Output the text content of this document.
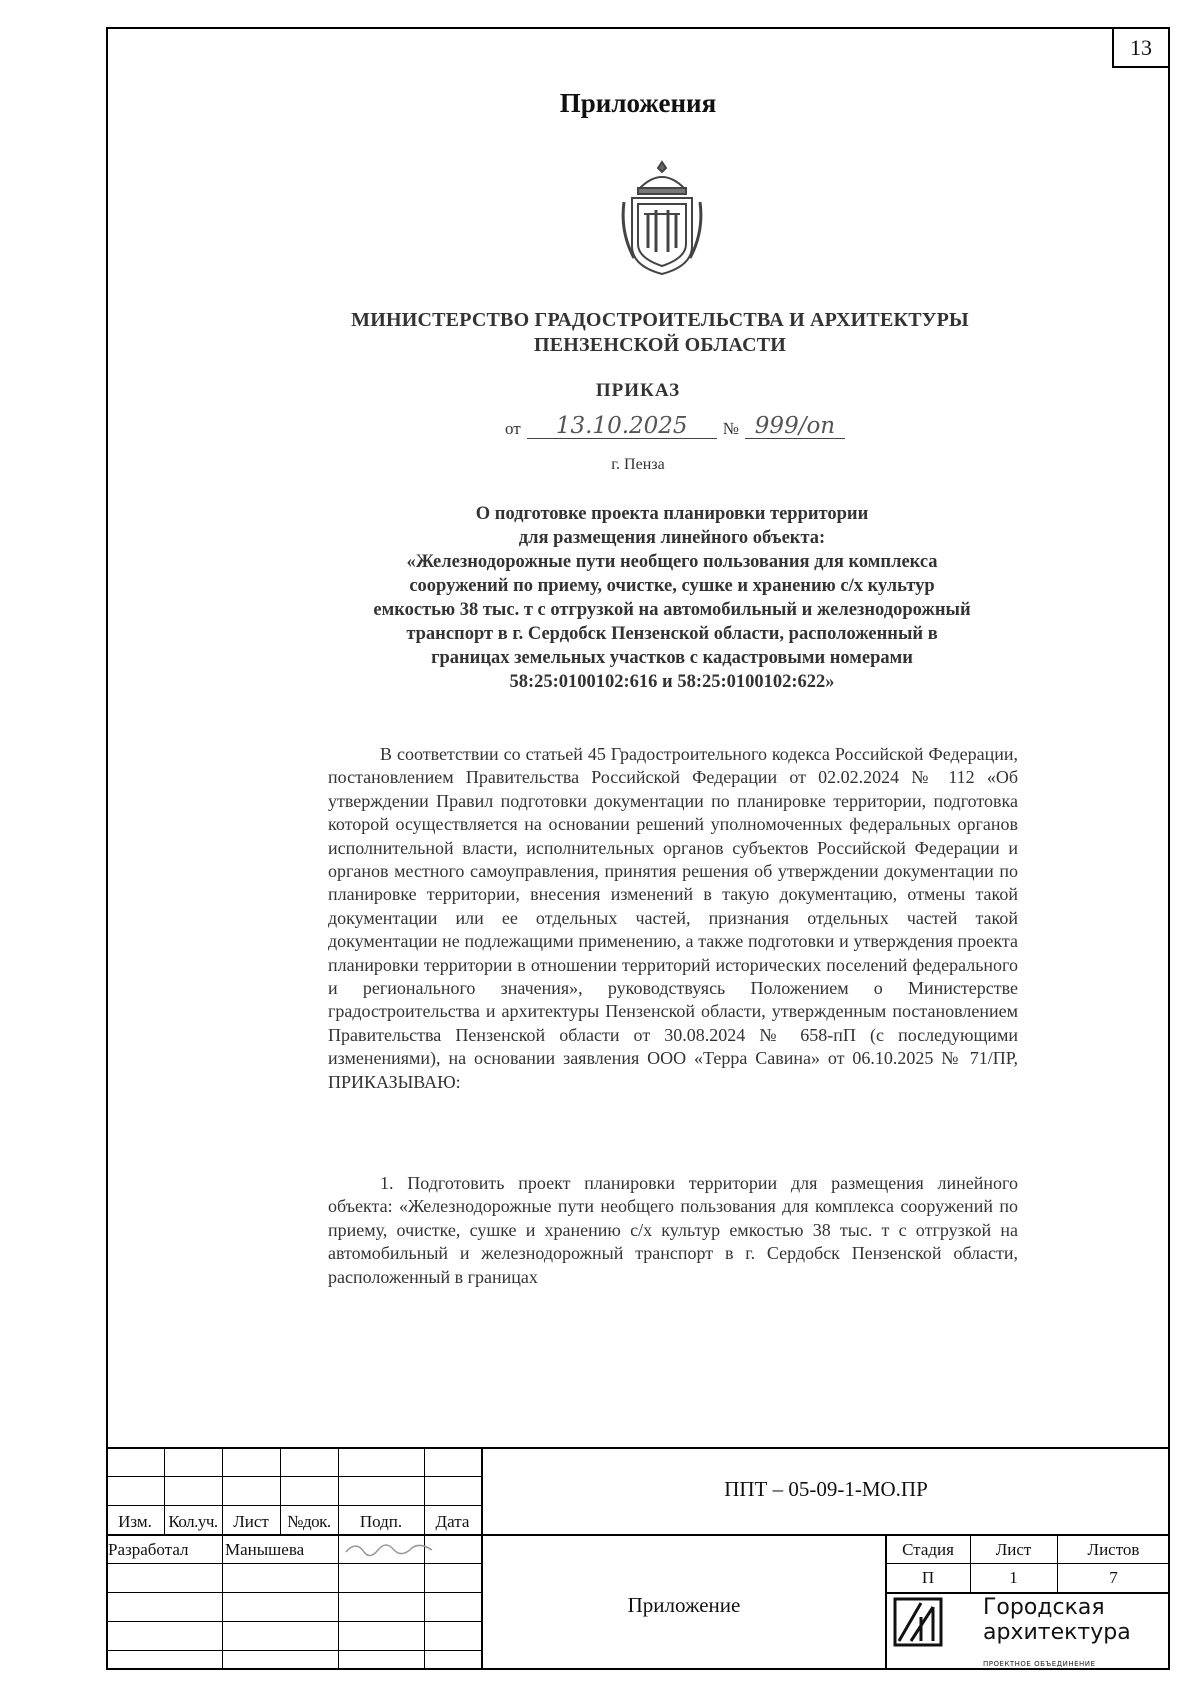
13
Приложения
МИНИСТЕРСТВО ГРАДОСТРОИТЕЛЬСТВА И АРХИТЕКТУРЫ
ПЕНЗЕНСКОЙ ОБЛАСТИ
ПРИКАЗ
от	13.10.2025	№ 999/оп
г. Пенза
О подготовке проекта планировки территории
для размещения линейного объекта:
«Железнодорожные пути необщего пользования для комплекса
сооружений по приему, очистке, сушке и хранению с/х культур
емкостью 38 тыс. т с отгрузкой на автомобильный и железнодорожный
транспорт в г. Сердобск Пензенской области, расположенный в
границах земельных участков с кадастровыми номерами
58:25:0100102:616 и 58:25:0100102:622»

В соответствии со статьей 45 Градостроительного кодекса Российской Федерации, постановлением Правительства Российской Федерации от 02.02.2024 № 112 «Об утверждении Правил подготовки документации по планировке территории, подготовка которой осуществляется на основании решений уполномоченных федеральных органов исполнительной власти, исполнительных органов субъектов Российской Федерации и органов местного самоуправления, принятия решения об утверждении документации по планировке территории, внесения изменений в такую документацию, отмены такой документации или ее отдельных частей, признания отдельных частей такой документации не подлежащими применению, а также подготовки и утверждения проекта планировки территории в отношении территорий исторических поселений федерального и регионального значения», руководствуясь Положением о Министерстве градостроительства и архитектуры Пензенской области, утвержденным постановлением Правительства Пензенской области от 30.08.2024 № 658-пП (с последующими изменениями), на основании заявления ООО «Терра Савина» от 06.10.2025 № 71/ПР, ПРИКАЗЫВАЮ:

1. Подготовить проект планировки территории для размещения линейного объекта: «Железнодорожные пути необщего пользования для комплекса сооружений по приему, очистке, сушке и хранению с/х культур емкостью 38 тыс. т с отгрузкой на автомобильный и железнодорожный транспорт в г. Сердобск Пензенской области, расположенный в границах

Изм. Кол.уч. Лист	№док.	Подп.	Дата
Разработал Манышева
ППТ – 05-09-1-МО.ПР
Приложение
Стадия	Лист	Листов
П	1	7
Городская
архитектура
ПРОЕКТНОЕ ОБЪЕДИНЕНИЕ
